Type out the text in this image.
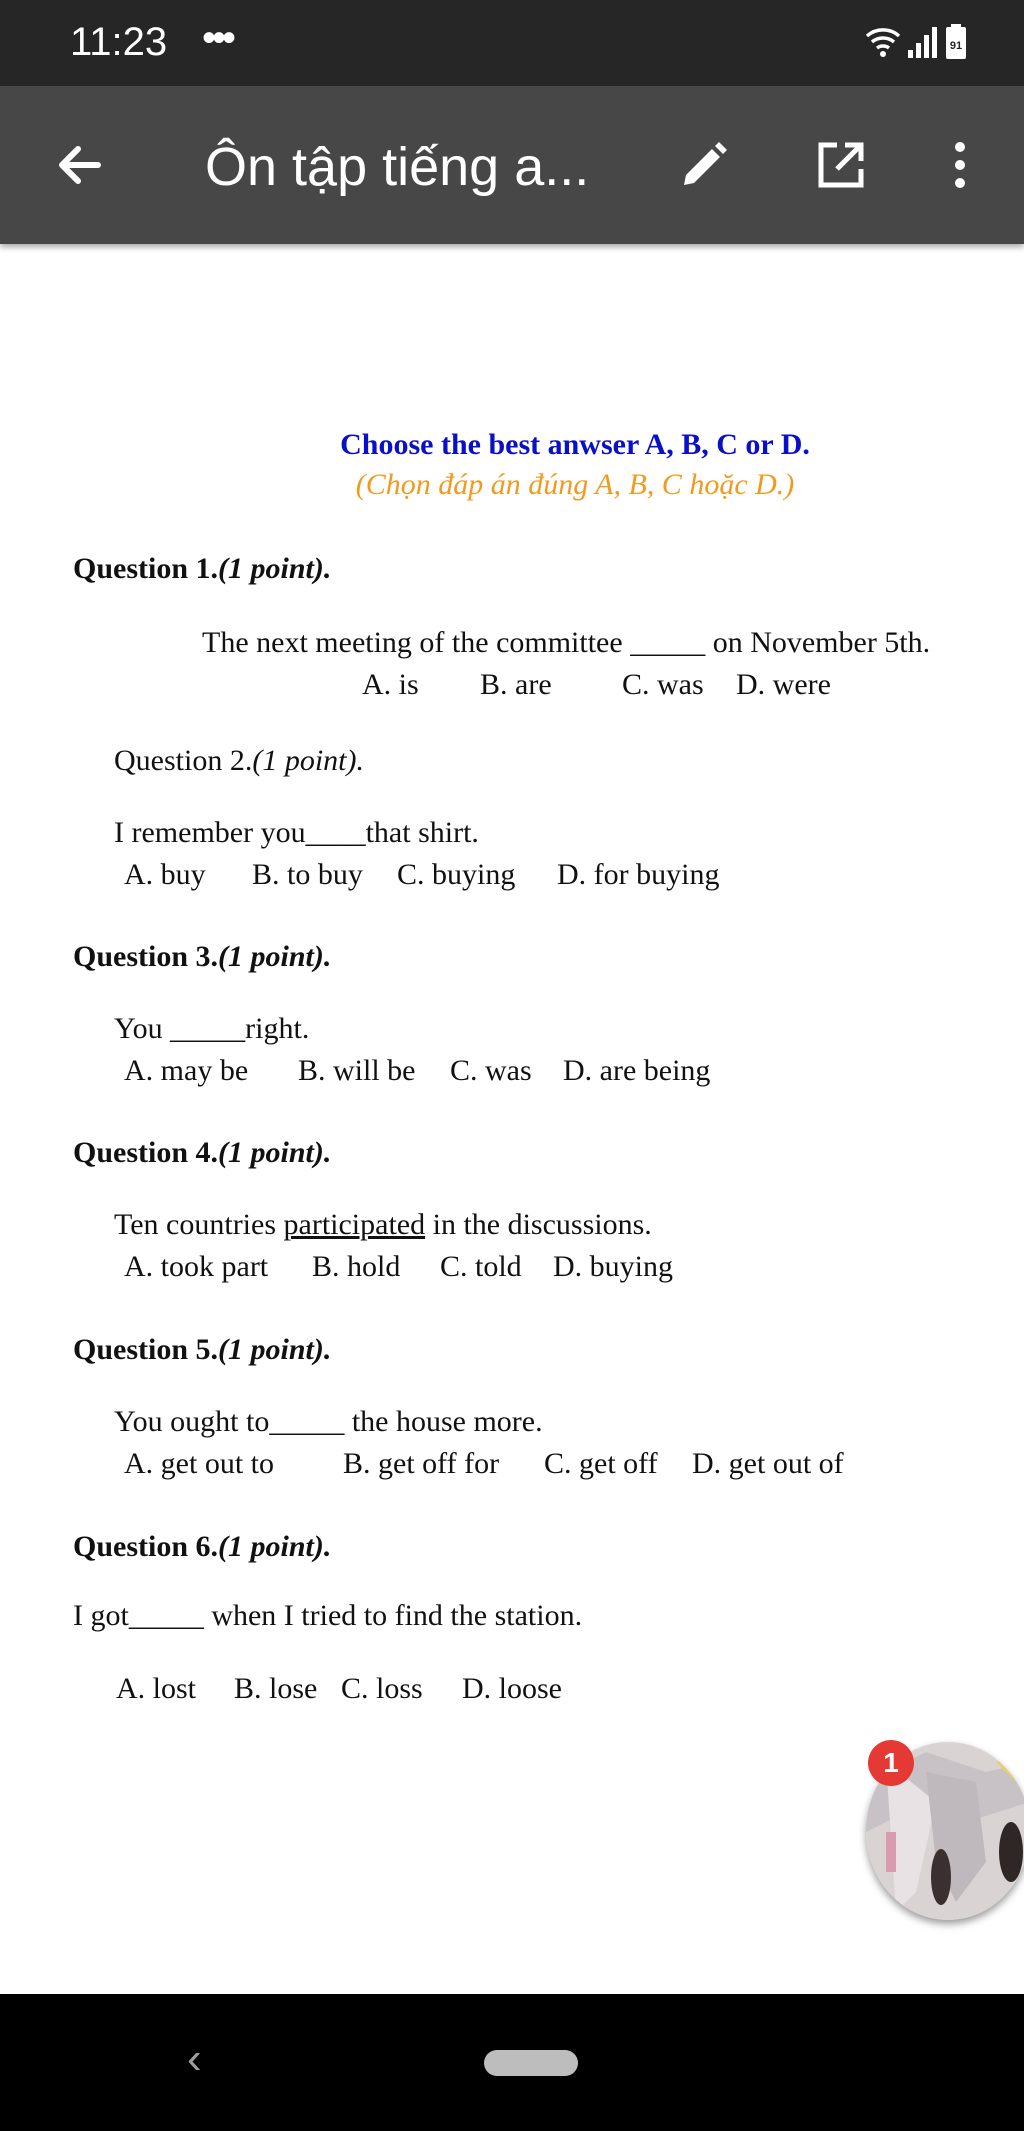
11:23 •••
	91
Ôn tập tiếng a...
Choose the best anwser A, B, C or D.
(Chọn đáp án đúng A, B, C hoặc D.)
Question 1.(1 point).
The next meeting of the committee _____ on November 5th.
A. is B. are C. was D. were
Question 2.(1 point).
I remember you____that shirt.
A. buy B. to buy C. buying D. for buying
Question 3.(1 point).
You _____right.
A. may be B. will be C. was D. are being
Question 4.(1 point).
Ten countries participated in the discussions.
A. took part B. hold C. told D. buying
Question 5.(1 point).
You ought to_____ the house more.
A. get out to B. get off for C. get off D. get out of
Question 6.(1 point).
I got_____ when I tried to find the station.
A. lost B. lose C. loss D. loose
1
‹
